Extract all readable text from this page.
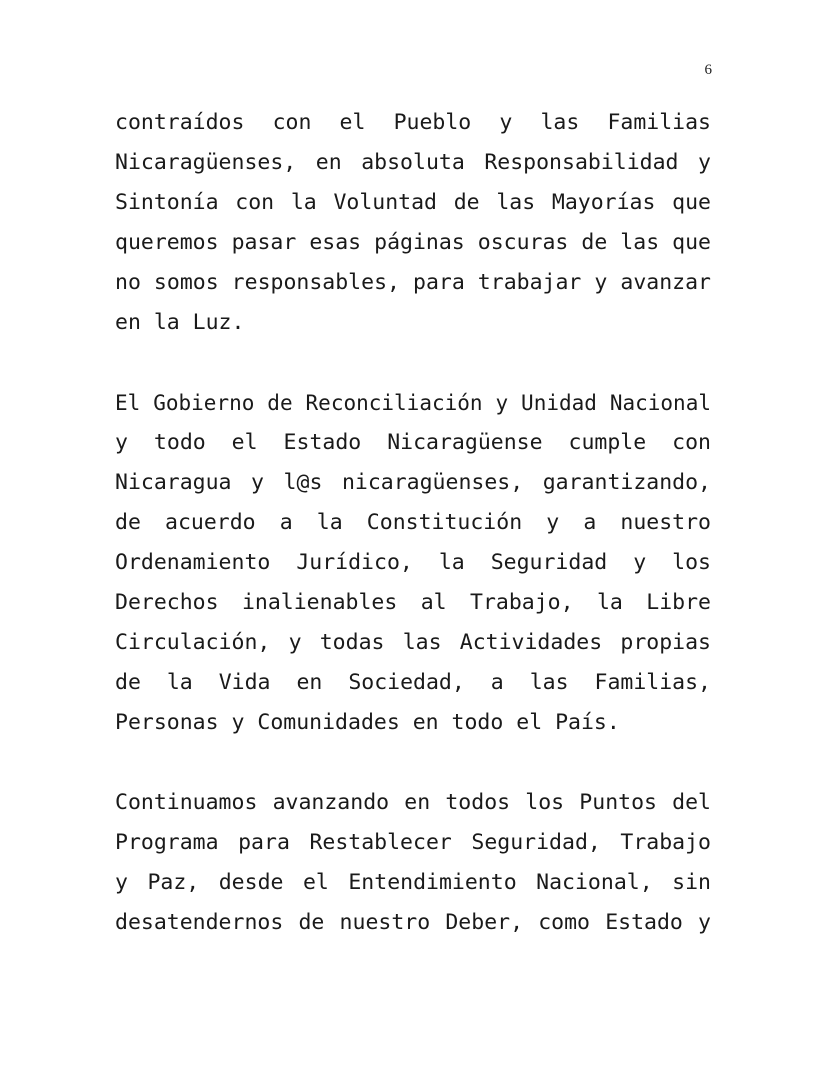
6
contraídos con el Pueblo y las Familias
Nicaragüenses, en absoluta Responsabilidad y
Sintonía con la Voluntad de las Mayorías que
queremos pasar esas páginas oscuras de las que
no somos responsables, para trabajar y avanzar
en la Luz.
El Gobierno de Reconciliación y Unidad Nacional
y todo el Estado Nicaragüense cumple con
Nicaragua y l@s nicaragüenses, garantizando,
de acuerdo a la Constitución y a nuestro
Ordenamiento Jurídico, la Seguridad y los
Derechos inalienables al Trabajo, la Libre
Circulación, y todas las Actividades propias
de la Vida en Sociedad, a las Familias,
Personas y Comunidades en todo el País.
Continuamos avanzando en todos los Puntos del
Programa para Restablecer Seguridad, Trabajo
y Paz, desde el Entendimiento Nacional, sin
desatendernos de nuestro Deber, como Estado y
